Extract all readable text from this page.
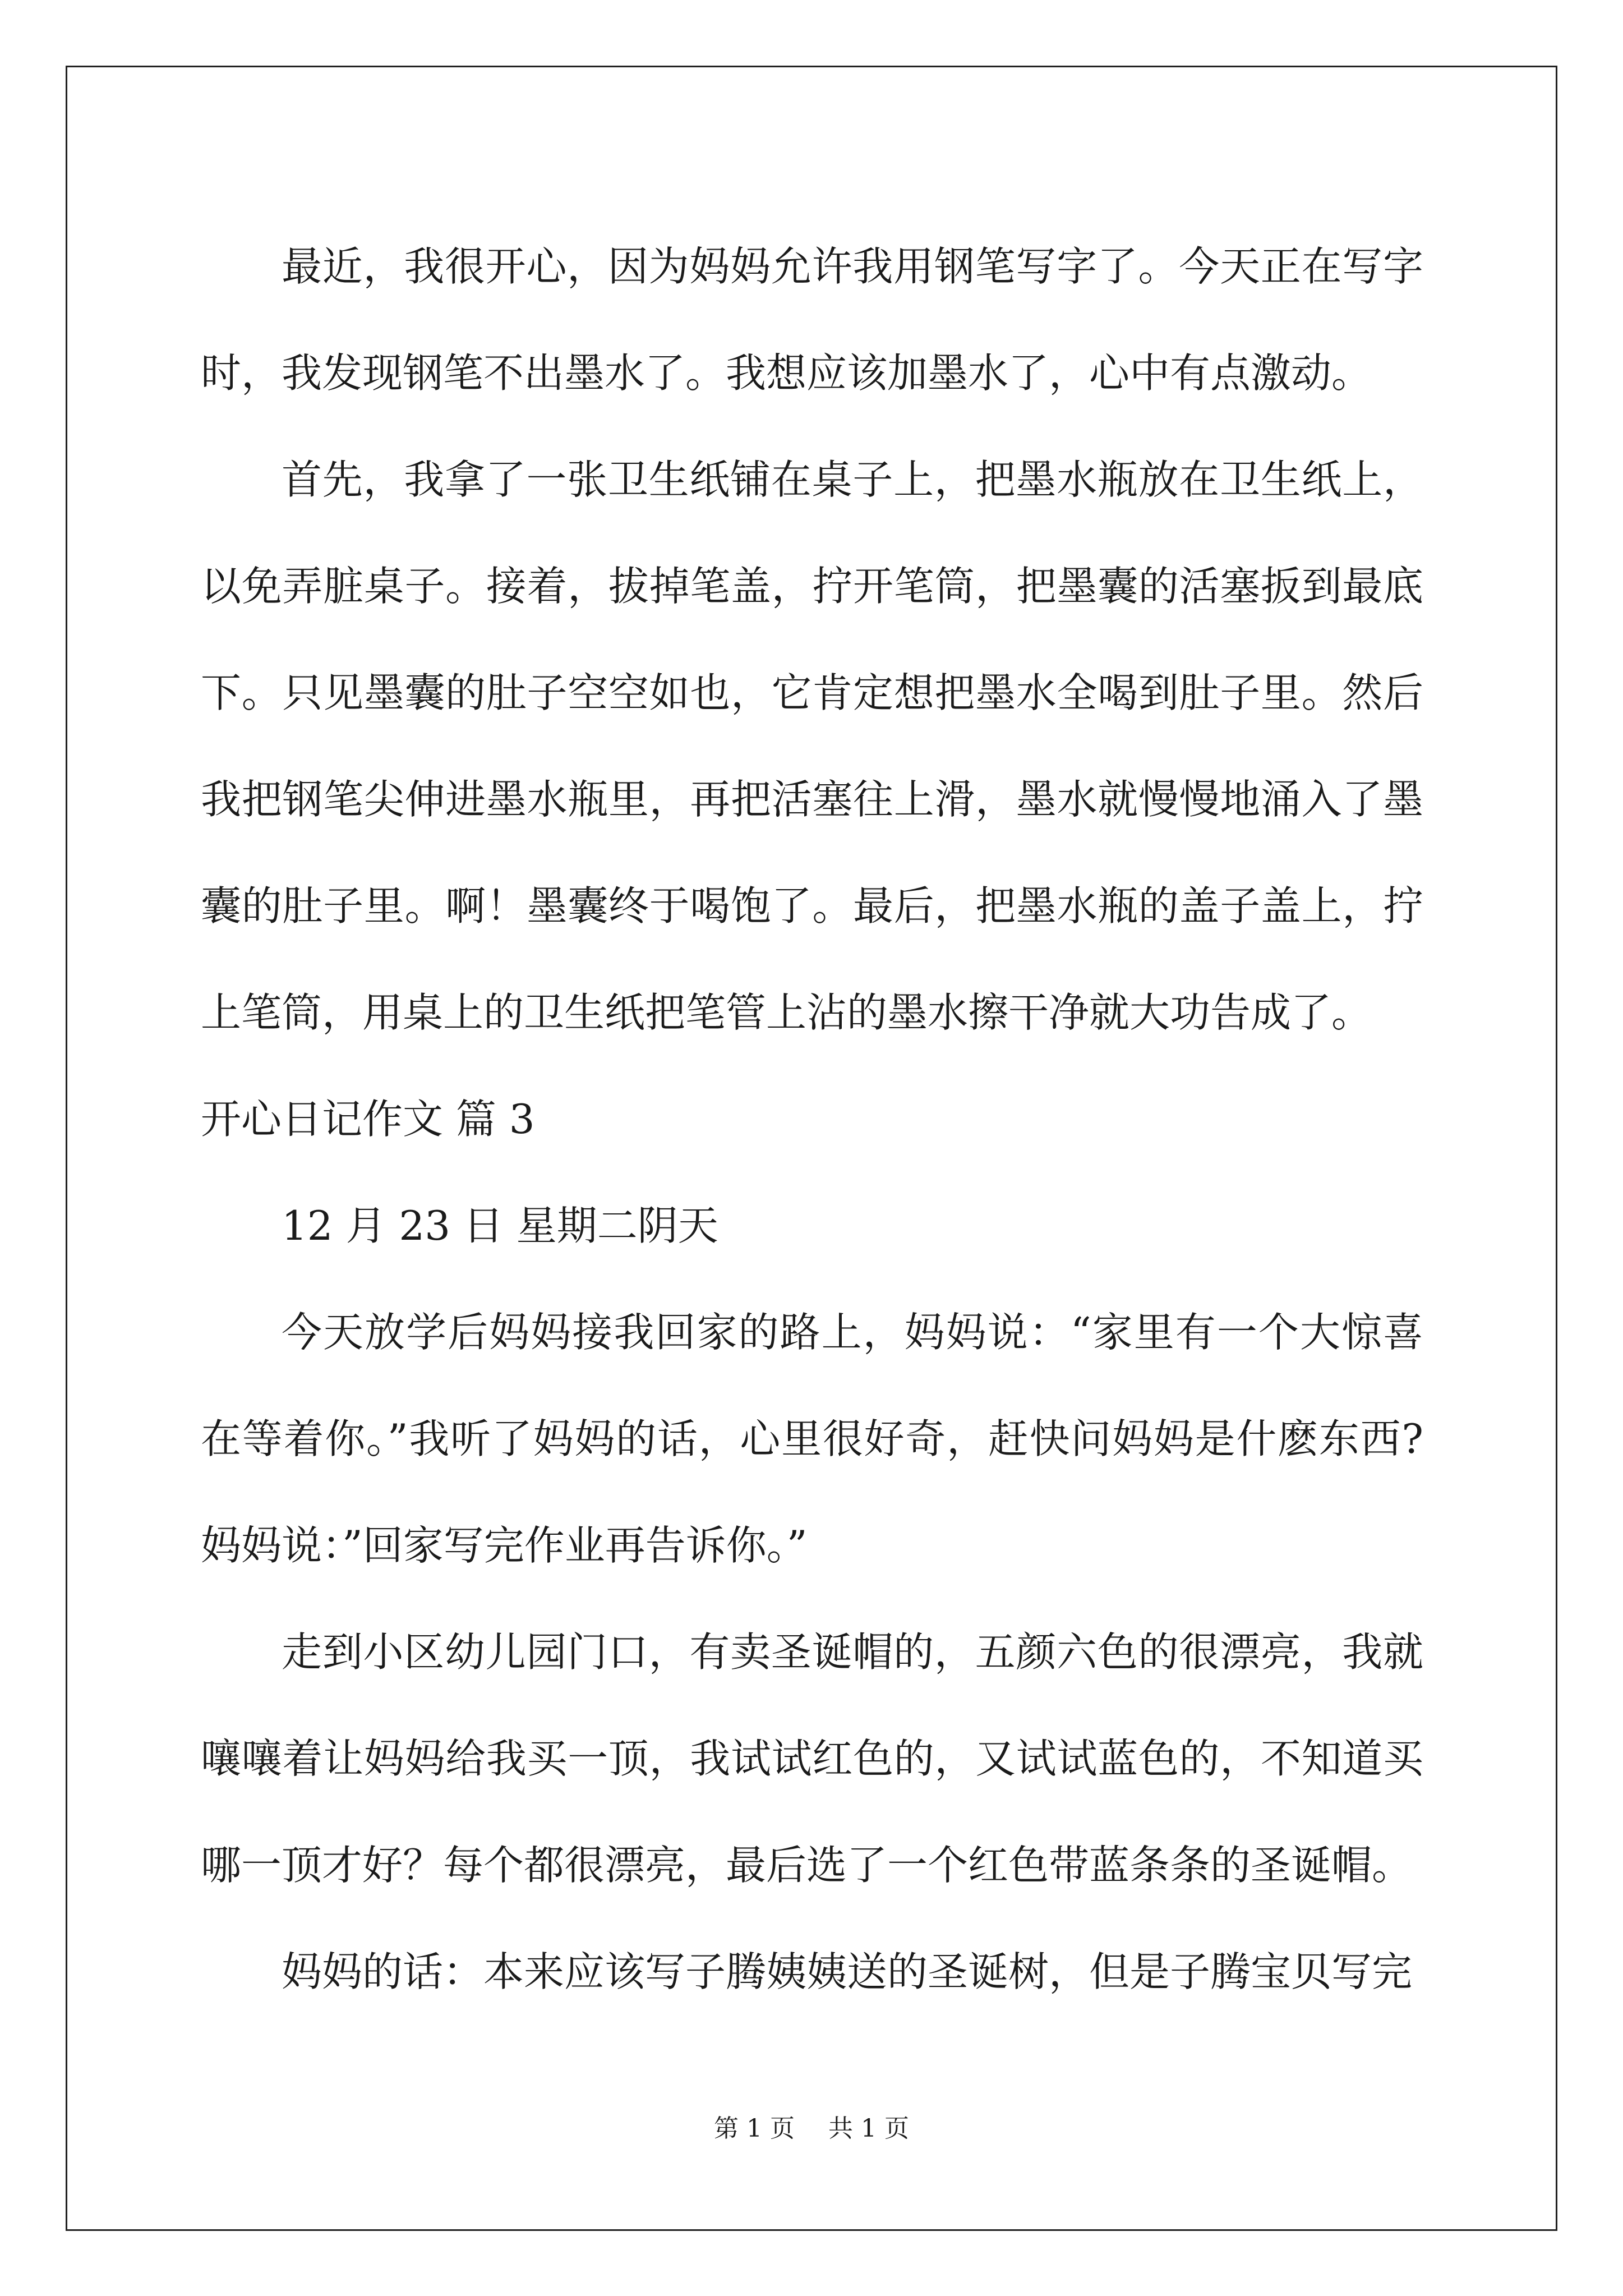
最近，我很开心，因为妈妈允许我用钢笔写字了。今天正在写字时，我发现钢笔不出墨水了。我想应该加墨水了，心中有点激动。

首先，我拿了一张卫生纸铺在桌子上，把墨水瓶放在卫生纸上，以免弄脏桌子。接着，拔掉笔盖，拧开笔筒，把墨囊的活塞扳到最底下。只见墨囊的肚子空空如也，它肯定想把墨水全喝到肚子里。然后我把钢笔尖伸进墨水瓶里，再把活塞往上滑，墨水就慢慢地涌入了墨囊的肚子里。啊！墨囊终于喝饱了。最后，把墨水瓶的盖子盖上，拧上笔筒，用桌上的卫生纸把笔管上沾的墨水擦干净就大功告成了。

开心日记作文 篇 3

12 月 23 日 星期二阴天

今天放学后妈妈接我回家的路上，妈妈说：“家里有一个大惊喜在等着你。”我听了妈妈的话，心里很好奇，赶快问妈妈是什麽东西?妈妈说：”回家写完作业再告诉你。”

走到小区幼儿园门口，有卖圣诞帽的，五颜六色的很漂亮，我就嚷嚷着让妈妈给我买一顶，我试试红色的，又试试蓝色的，不知道买哪一顶才好？每个都很漂亮，最后选了一个红色带蓝条条的圣诞帽。

妈妈的话：本来应该写子腾姨姨送的圣诞树，但是子腾宝贝写完

第 1 页 共 1 页
